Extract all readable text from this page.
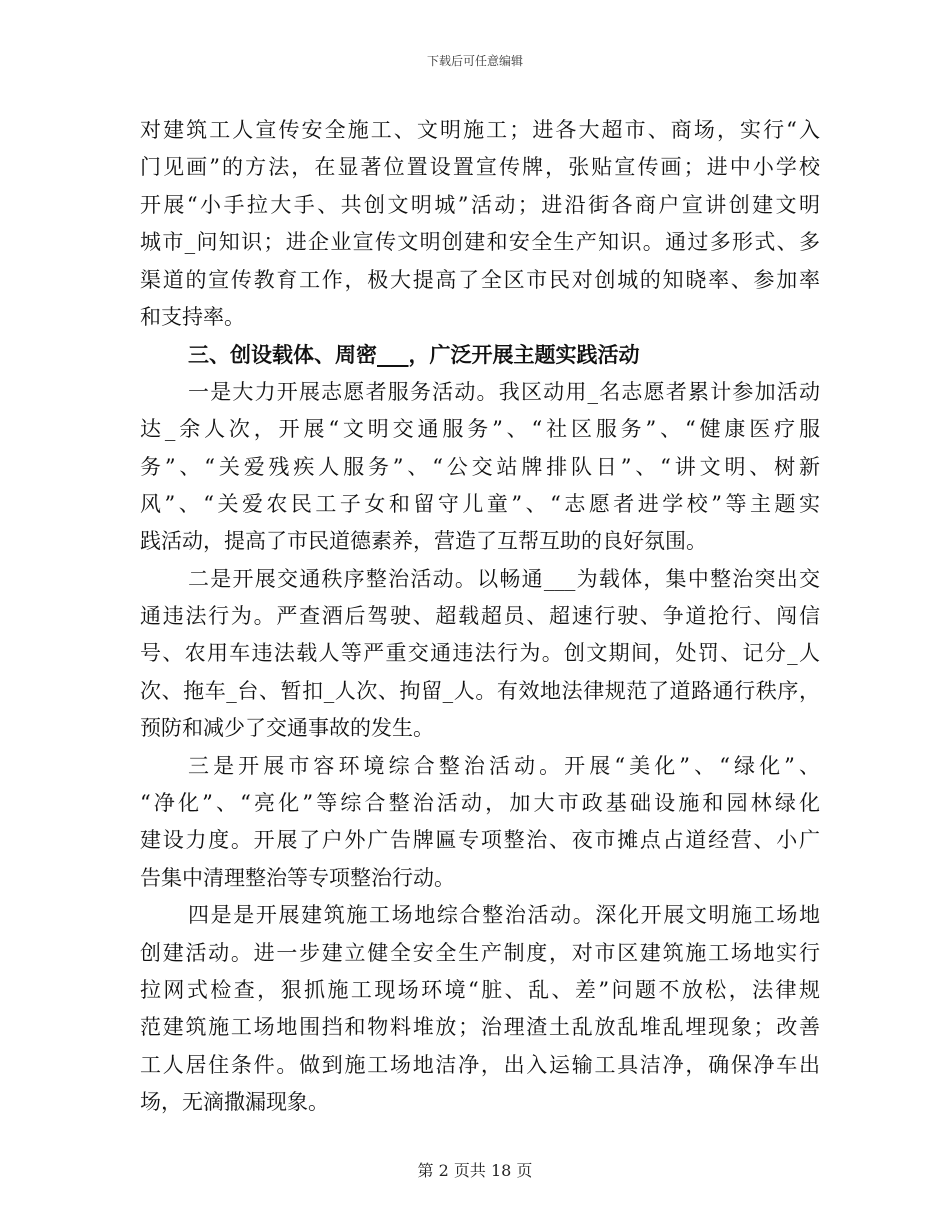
下载后可任意编辑
对建筑工人宣传安全施工、文明施工；进各大超市、商场，实行“入
门见画”的方法，在显著位置设置宣传牌，张贴宣传画；进中小学校
开展“小手拉大手、共创文明城”活动；进沿街各商户宣讲创建文明
城市_问知识；进企业宣传文明创建和安全生产知识。通过多形式、多
渠道的宣传教育工作，极大提高了全区市民对创城的知晓率、参加率
和支持率。
三、创设载体、周密___，广泛开展主题实践活动
一是大力开展志愿者服务活动。我区动用_名志愿者累计参加活动
达_余人次，开展“文明交通服务”、“社区服务”、“健康医疗服
务”、“关爱残疾人服务”、“公交站牌排队日”、“讲文明、树新
风”、“关爱农民工子女和留守儿童”、“志愿者进学校”等主题实
践活动，提高了市民道德素养，营造了互帮互助的良好氛围。
二是开展交通秩序整治活动。以畅通___为载体，集中整治突出交
通违法行为。严查酒后驾驶、超载超员、超速行驶、争道抢行、闯信
号、农用车违法载人等严重交通违法行为。创文期间，处罚、记分_人
次、拖车_台、暂扣_人次、拘留_人。有效地法律规范了道路通行秩序，
预防和减少了交通事故的发生。
三是开展市容环境综合整治活动。开展“美化”、“绿化”、
“净化”、“亮化”等综合整治活动，加大市政基础设施和园林绿化
建设力度。开展了户外广告牌匾专项整治、夜市摊点占道经营、小广
告集中清理整治等专项整治行动。
四是是开展建筑施工场地综合整治活动。深化开展文明施工场地
创建活动。进一步建立健全安全生产制度，对市区建筑施工场地实行
拉网式检查，狠抓施工现场环境“脏、乱、差”问题不放松，法律规
范建筑施工场地围挡和物料堆放；治理渣土乱放乱堆乱埋现象；改善
工人居住条件。做到施工场地洁净，出入运输工具洁净，确保净车出
场，无滴撒漏现象。
第 2 页共 18 页
